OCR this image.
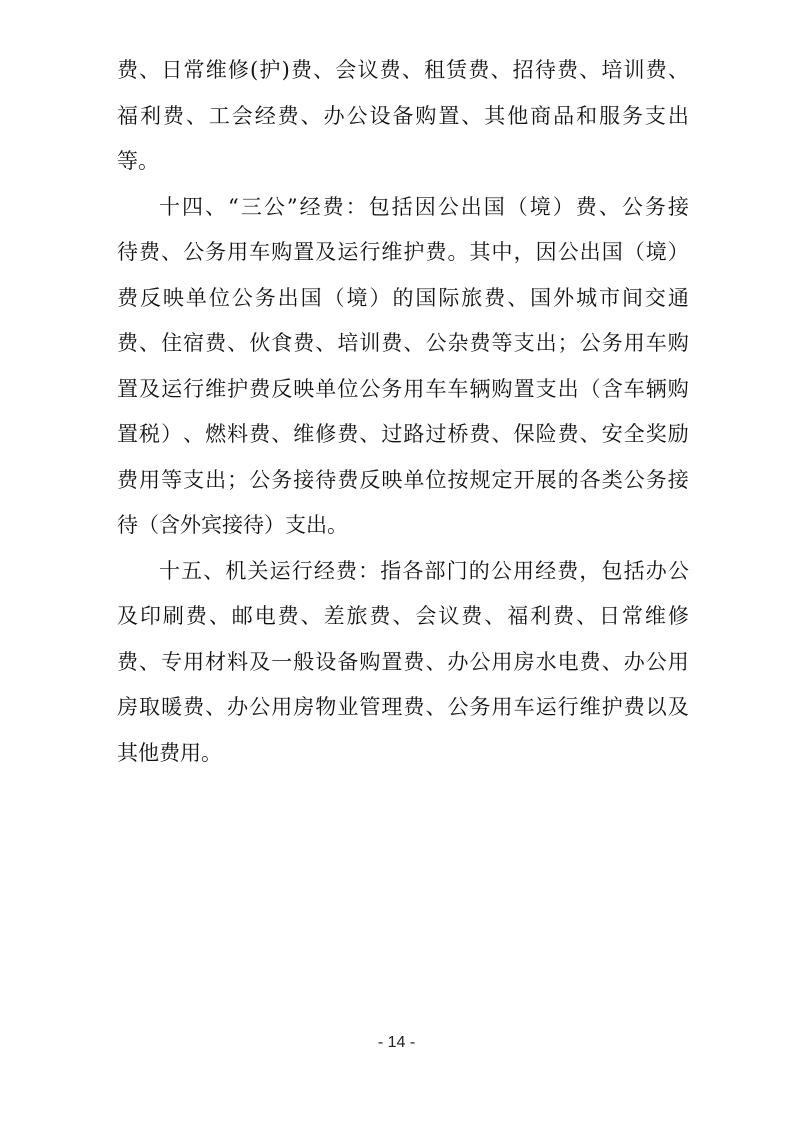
费 、 日 常 维 修 ( 护 ) 费 、 会 议 费 、 租 赁 费 、 招 待 费 、 培 训 费 、
福 利 费 、 工 会 经 费 、 办 公 设 备 购 置 、 其 他 商 品 和 服 务 支 出
等 。
十 四 、 “ 三 公 ” 经 费 ： 包 括 因 公 出 国 （ 境 ） 费 、 公 务 接
待 费 、 公 务 用 车 购 置 及 运 行 维 护 费 。 其 中 ， 因 公 出 国 （ 境 ）
费 反 映 单 位 公 务 出 国 （ 境 ） 的 国 际 旅 费 、 国 外 城 市 间 交 通
费 、 住 宿 费 、 伙 食 费 、 培 训 费 、 公 杂 费 等 支 出 ； 公 务 用 车 购
置 及 运 行 维 护 费 反 映 单 位 公 务 用 车 车 辆 购 置 支 出 （ 含 车 辆 购
置 税 ） 、 燃 料 费 、 维 修 费 、 过 路 过 桥 费 、 保 险 费 、 安 全 奖 励
费 用 等 支 出 ； 公 务 接 待 费 反 映 单 位 按 规 定 开 展 的 各 类 公 务 接
待 （ 含 外 宾 接 待 ） 支 出 。
十 五 、 机 关 运 行 经 费 ： 指 各 部 门 的 公 用 经 费 ， 包 括 办 公
及 印 刷 费 、 邮 电 费 、 差 旅 费 、 会 议 费 、 福 利 费 、 日 常 维 修
费 、 专 用 材 料 及 一 般 设 备 购 置 费 、 办 公 用 房 水 电 费 、 办 公 用
房 取 暖 费 、 办 公 用 房 物 业 管 理 费 、 公 务 用 车 运 行 维 护 费 以 及
其 他 费 用 。
- 14 -
